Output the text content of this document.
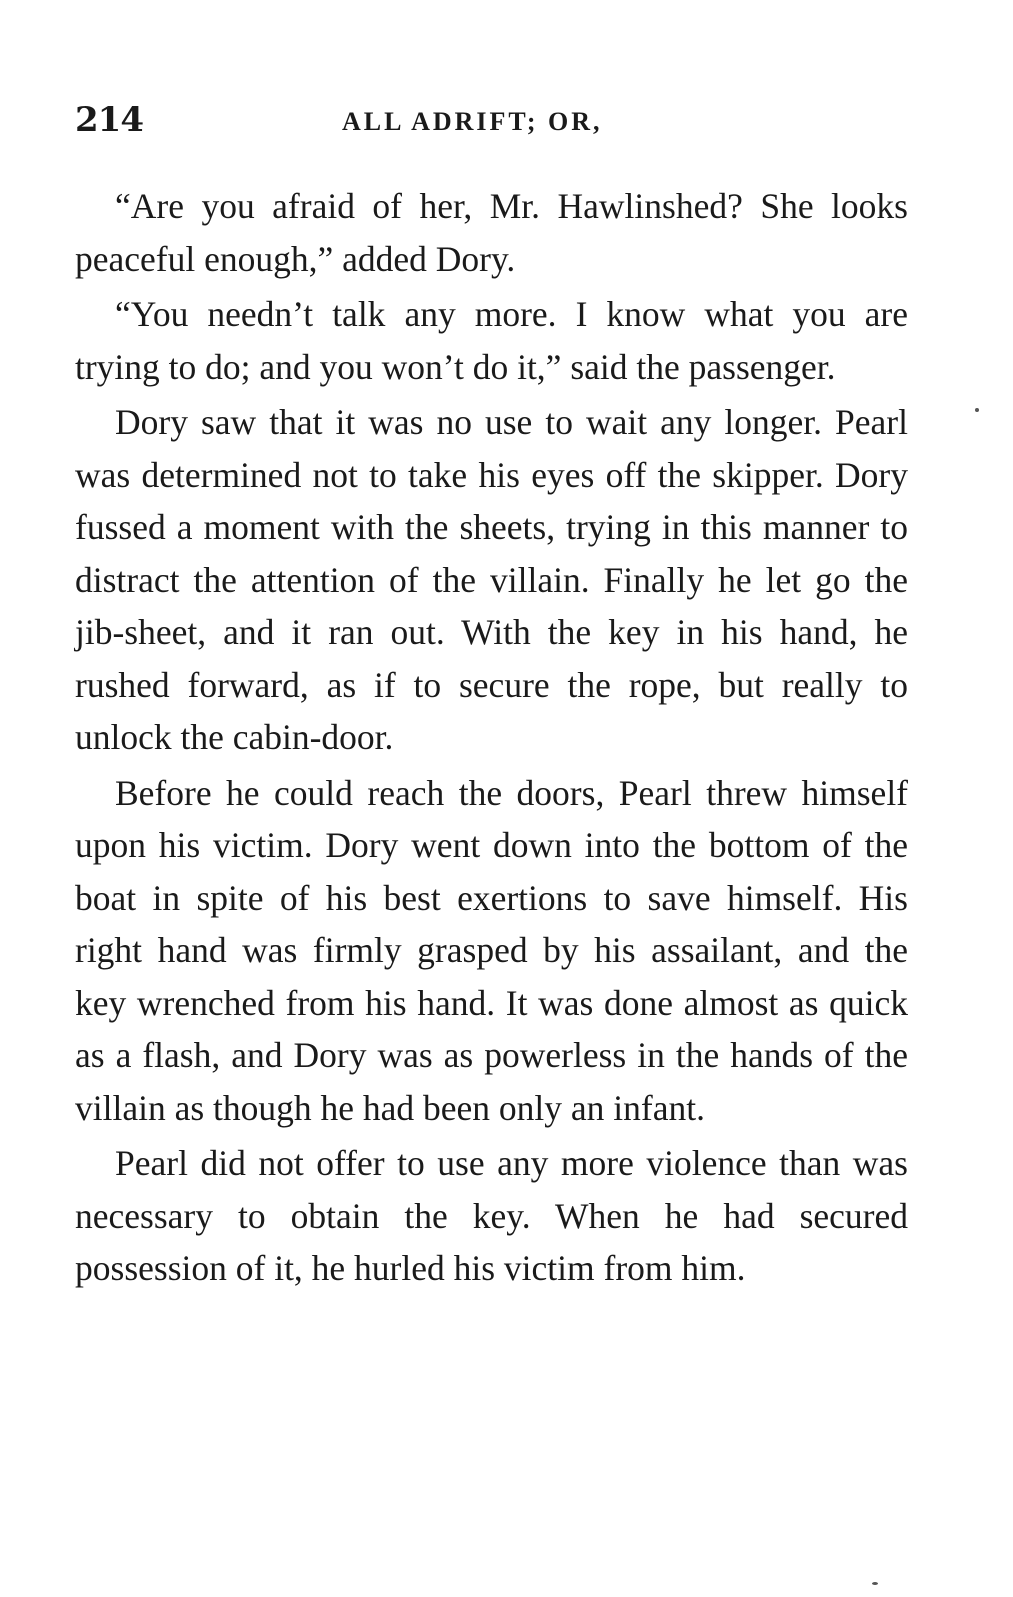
214	ALL ADRIFT; OR,

“Are you afraid of her, Mr. Hawlinshed? She looks peaceful enough,” added Dory.

“You needn’t talk any more. I know what you are trying to do; and you won’t do it,” said the passenger.

Dory saw that it was no use to wait any longer. Pearl was determined not to take his eyes off the skipper. Dory fussed a moment with the sheets, trying in this manner to distract the attention of the villain. Finally he let go the jib-sheet, and it ran out. With the key in his hand, he rushed forward, as if to secure the rope, but really to unlock the cabin-door.

Before he could reach the doors, Pearl threw himself upon his victim. Dory went down into the bottom of the boat in spite of his best exertions to save himself. His right hand was firmly grasped by his assailant, and the key wrenched from his hand. It was done almost as quick as a flash, and Dory was as powerless in the hands of the villain as though he had been only an infant.

Pearl did not offer to use any more violence than was necessary to obtain the key. When he had secured possession of it, he hurled his victim from him.
